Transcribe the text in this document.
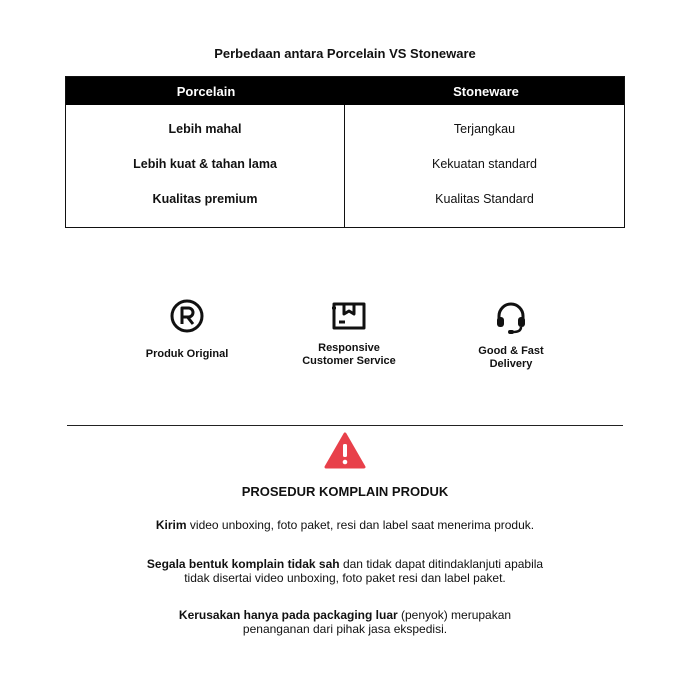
Perbedaan antara Porcelain VS Stoneware
Porcelain	Stoneware
Lebih mahal
Lebih kuat & tahan lama
Kualitas premium
Terjangkau
Kekuatan standard
Kualitas Standard
Produk Original	Responsive
Customer Service
Good & Fast
Delivery
PROSEDUR KOMPLAIN PRODUK
Kirim video unboxing, foto paket, resi dan label saat menerima produk.
Segala bentuk komplain tidak sah dan tidak dapat ditindaklanjuti apabila
tidak disertai video unboxing, foto paket resi dan label paket.
Kerusakan hanya pada packaging luar (penyok) merupakan
penanganan dari pihak jasa ekspedisi.
